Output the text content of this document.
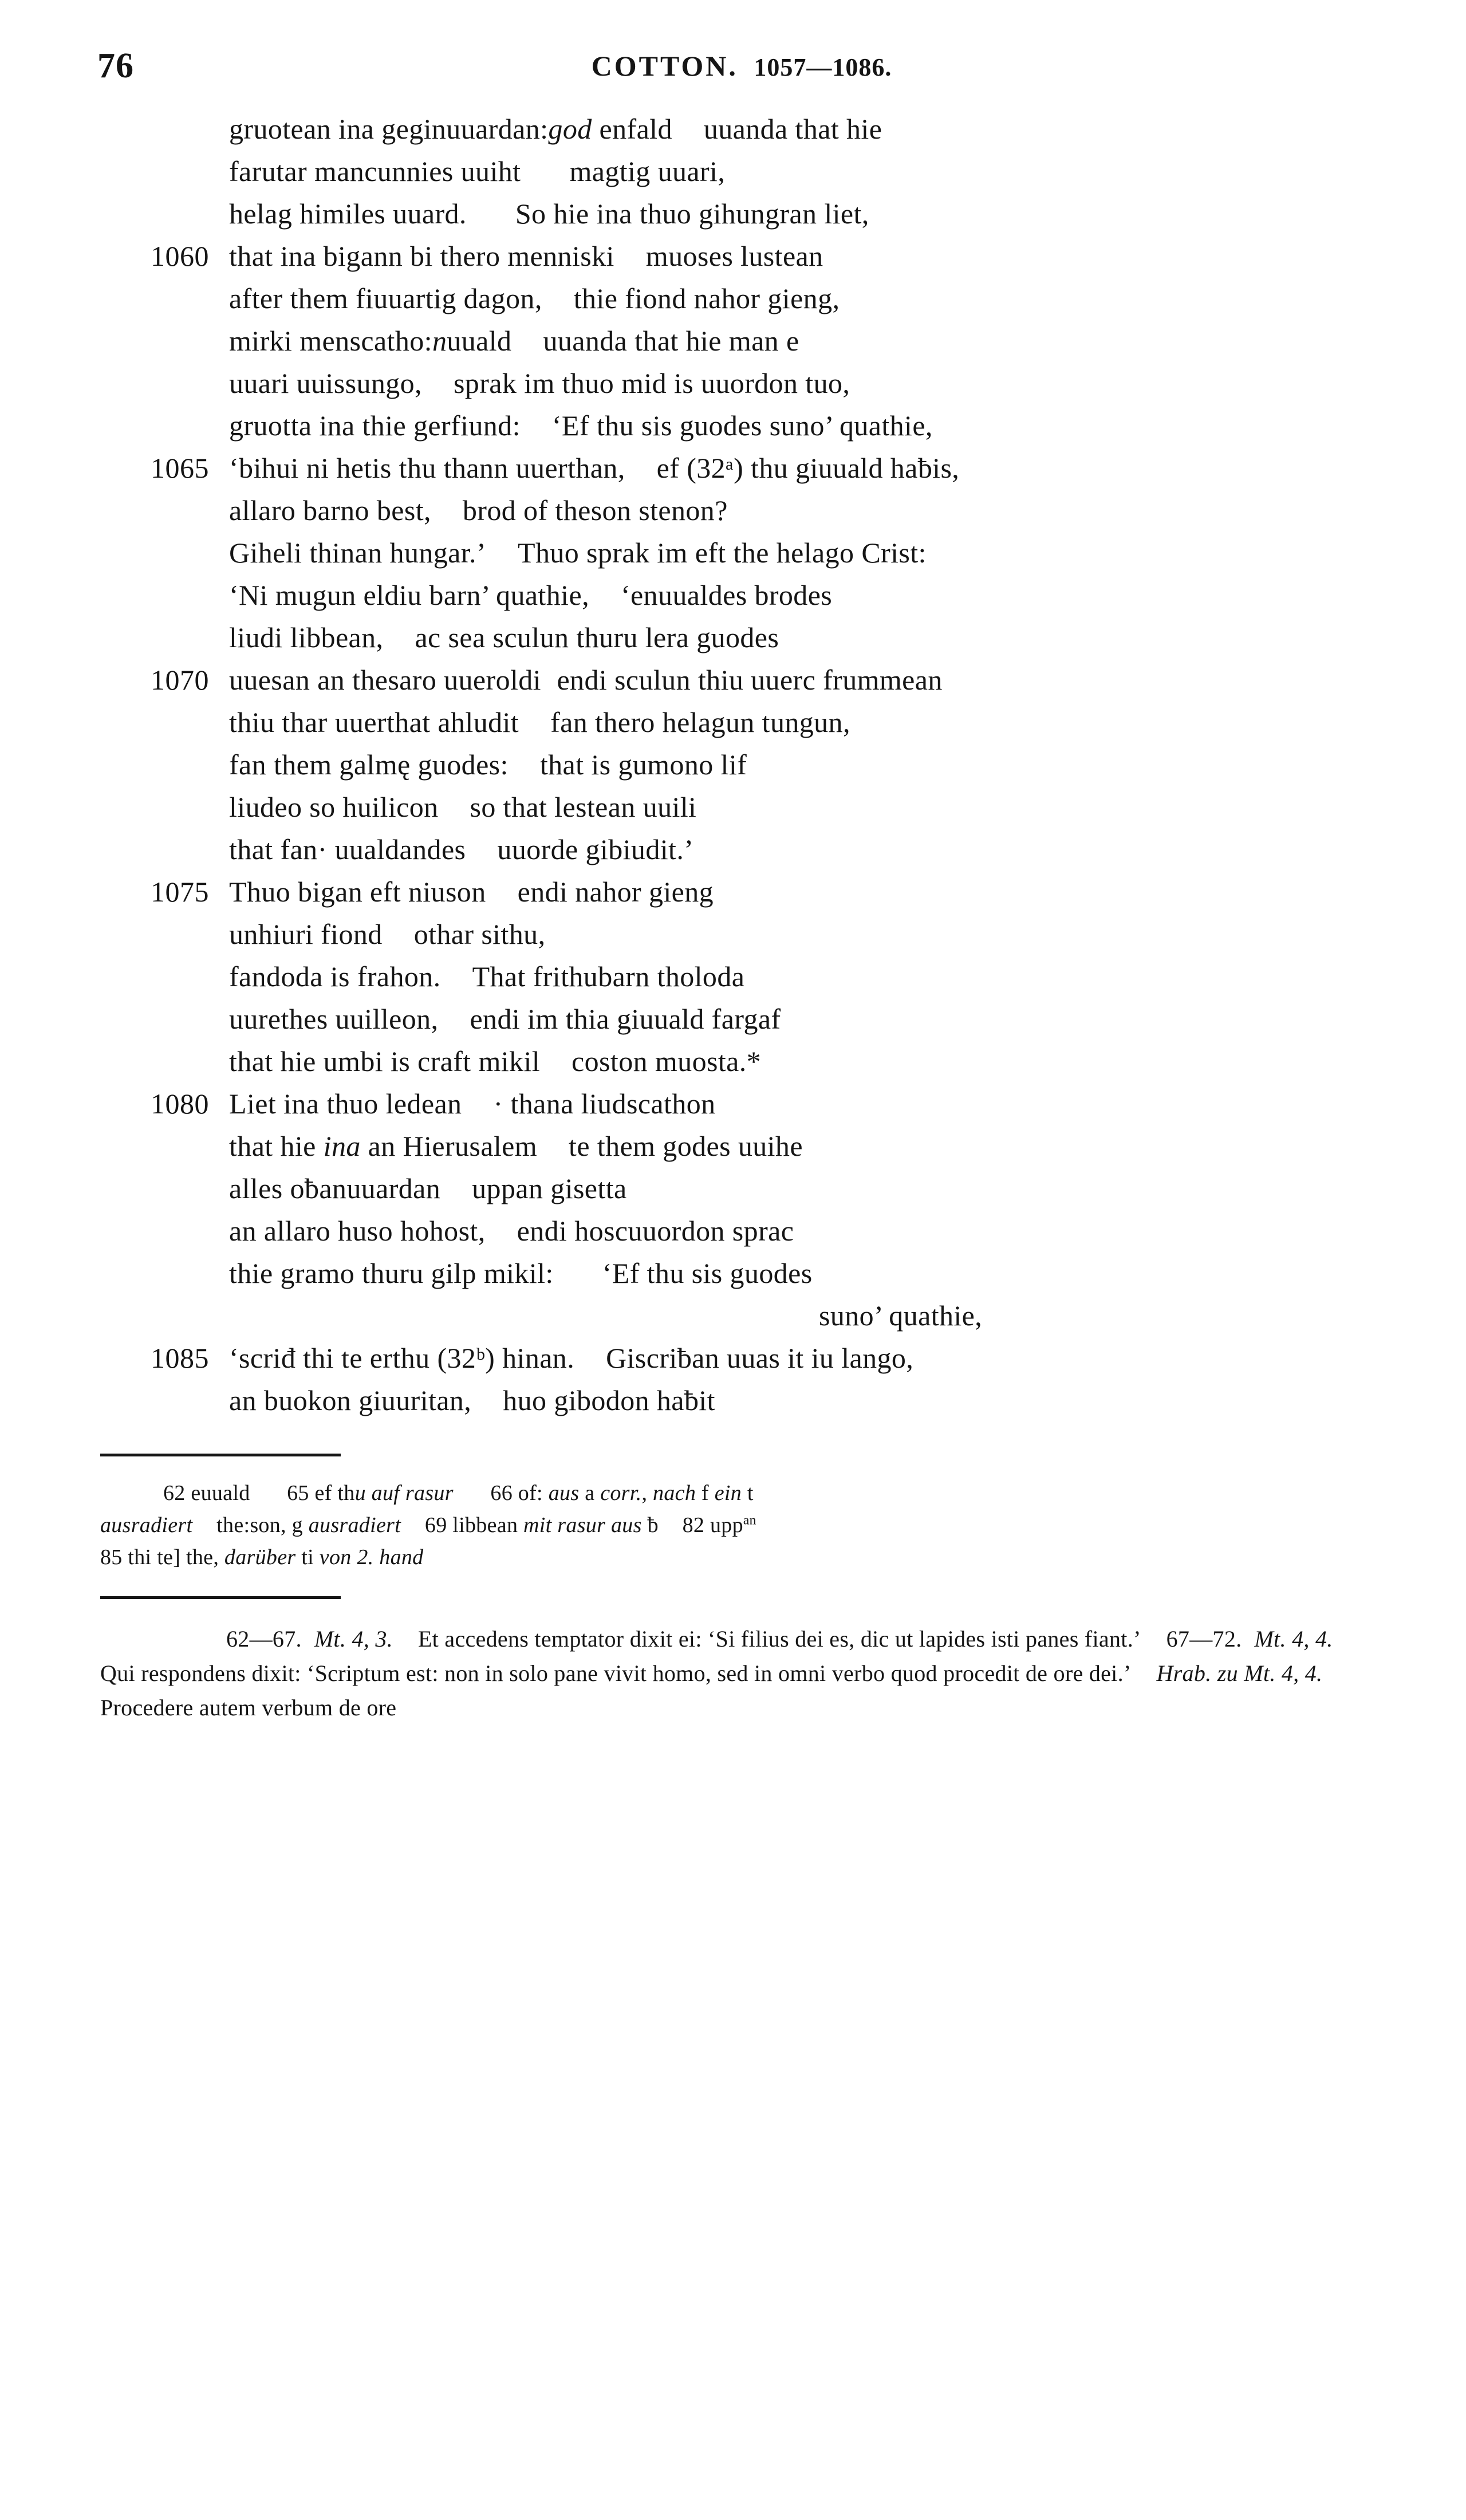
76	COTTON. 1057—1086.
gruotean ina geginuuardan:god enfald uuanda that hie
farutar mancunnies uuiht magtig uuari,
helag himiles uuard. So hie ina thuo gihungran liet,
1060 that ina bigann bi thero menniski muoses lustean
after them fiuuartig dagon, thie fiond nahor gieng,
mirki menscatho:nuuald uuanda that hie man e
uuari uuissungo, sprak im thuo mid is uuordon tuo,
gruotta ina thie gerfiund: ‘Ef thu sis guodes suno’ quathie,
1065 ‘bihui ni hetis thu thann uuerthan, ef (32ᵃ) thu giuuald haƀis,
allaro barno best, brod of theson stenon?
Giheli thinan hungar.’ Thuo sprak im eft the helago Crist:
‘Ni mugun eldiu barn’ quathie, ‘enuualdes brodes
liudi libbean, ac sea sculun thuru lera guodes
1070 uuesan an thesaro uueroldi endi sculun thiu uuerc frummean
thiu thar uuerthat ahludit fan thero helagun tungun,
fan them galmę guodes: that is gumono lif
liudeo so huilicon so that lestean uuili
that fan· uualdandes uuorde gibiudit.’
1075 Thuo bigan eft niuson endi nahor gieng
unhiuri fiond othar sithu,
fandoda is frahon. That frithubarn tholoda
uurethes uuilleon, endi im thia giuuald fargaf
that hie umbi is craft mikil coston muosta.*
1080 Liet ina thuo ledean · thana liudscathon
that hie ina an Hierusalem te them godes uuihe
alles oƀanuuardan uppan gisetta
an allaro huso hohost, endi hoscuuordon sprac
thie gramo thuru gilp mikil: ‘Ef thu sis guodes
suno’ quathie,
1085 ‘scriđ thi te erthu (32ᵇ) hinan. Giscriƀan uuas it iu lango,
an buokon giuuritan, huo gibodon haƀit
62 euuald 65 ef thu auf rasur 66 of: aus a corr., nach f ein t
ausradiert the:son, g ausradiert 69 libbean mit rasur aus ƀ 82 upp$^{an}$
85 thi te] the, darüber ti von 2. hand
62—67. Mt. 4, 3. Et accedens temptator dixit ei: ‘Si filius dei es, dic ut lapides isti panes fiant.’ 67—72. Mt. 4, 4.Qui respondens dixit: ‘Scriptum est: non in solo pane vivit homo, sed in omni verbo quod procedit de ore dei.’ Hrab. zu Mt. 4, 4.Procedere autem verbum de ore
